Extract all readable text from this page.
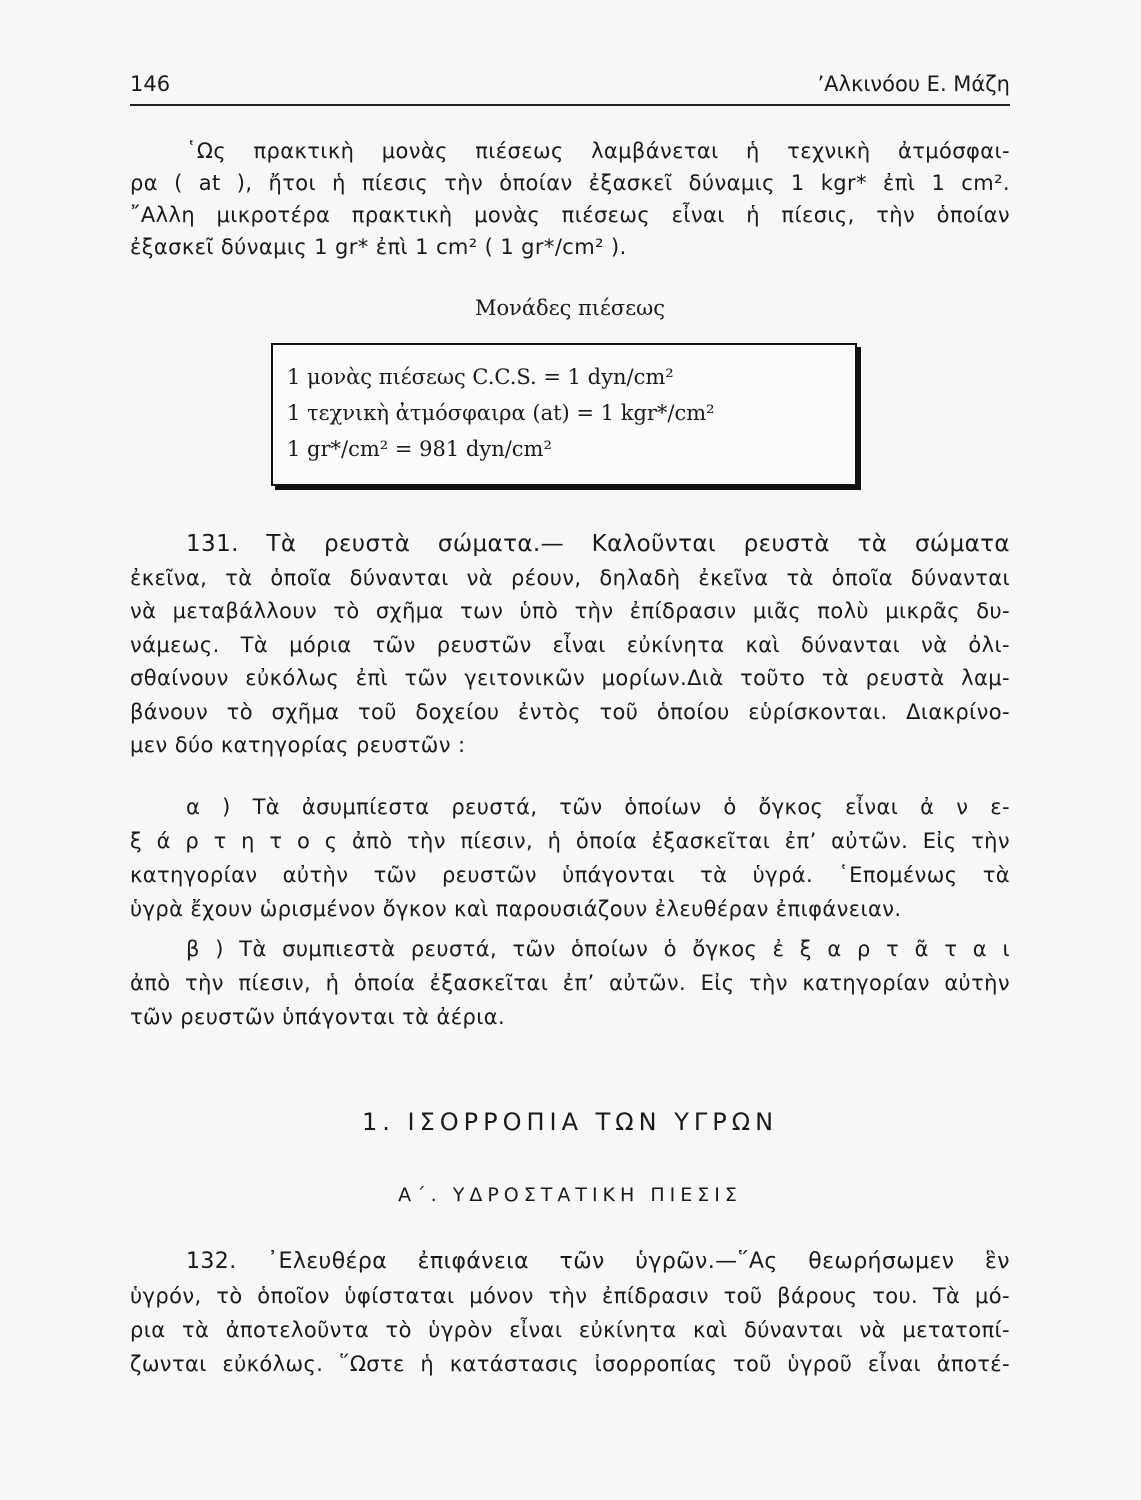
146	’Αλκινόου Ε. Μάζη
῾Ως πρακτικὴ μονὰς πιέσεως λαμβάνεται ἡ τεχνικὴ ἀτμόσφαι-
ρα ( at ), ἤτοι ἡ πίεσις τὴν ὁποίαν ἐξασκεῖ δύναμις 1 kgr* ἐπὶ 1 cm².
῎Αλλη μικροτέρα πρακτικὴ μονὰς πιέσεως εἶναι ἡ πίεσις, τὴν ὁποίαν
ἐξασκεῖ δύναμις 1 gr* ἐπὶ 1 cm² ( 1 gr*/cm² ).
Μονάδες πιέσεως
1 μονὰς πιέσεως C.C.S. = 1 dyn/cm²
1 τεχνικὴ ἀτμόσφαιρα (at) = 1 kgr*/cm²
1 gr*/cm² = 981 dyn/cm²
131. Τὰ ρευστὰ σώματα.— Καλοῦνται ρευστὰ τὰ σώματα
ἐκεῖνα, τὰ ὁποῖα δύνανται νὰ ρέουν, δηλαδὴ ἐκεῖνα τὰ ὁποῖα δύνανται
νὰ μεταβάλλουν τὸ σχῆμα των ὑπὸ τὴν ἐπίδρασιν μιᾶς πολὺ μικρᾶς δυ-
νάμεως. Τὰ μόρια τῶν ρευστῶν εἶναι εὐκίνητα καὶ δύνανται νὰ ὀλι-
σθαίνουν εὐκόλως ἐπὶ τῶν γειτονικῶν μορίων.Διὰ τοῦτο τὰ ρευστὰ λαμ-
βάνουν τὸ σχῆμα τοῦ δοχείου ἐντὸς τοῦ ὁποίου εὑρίσκονται. Διακρίνο-
μεν δύο κατηγορίας ρευστῶν :
α ) Τὰ ἀσυμπίεστα ρευστά, τῶν ὁποίων ὁ ὄγκος εἶναι ἀ ν ε-
ξ ά ρ τ η τ ο ς ἀπὸ τὴν πίεσιν, ἡ ὁποία ἐξασκεῖται ἐπ’ αὐτῶν. Εἰς τὴν
κατηγορίαν αὐτὴν τῶν ρευστῶν ὑπάγονται τὰ ὑγρά. ῾Επομένως τὰ
ὑγρὰ ἔχουν ὡρισμένον ὄγκον καὶ παρουσιάζουν ἐλευθέραν ἐπιφάνειαν.
β ) Τὰ συμπιεστὰ ρευστά, τῶν ὁποίων ὁ ὄγκος ἐ ξ α ρ τ ᾶ τ α ι
ἀπὸ τὴν πίεσιν, ἡ ὁποία ἐξασκεῖται ἐπ’ αὐτῶν. Εἰς τὴν κατηγορίαν αὐτὴν
τῶν ρευστῶν ὑπάγονται τὰ ἀέρια.
1. ΙΣΟΡΡΟΠΙΑ ΤΩΝ ΥΓΡΩΝ
Α΄. ΥΔΡΟΣΤΑΤΙΚΗ ΠΙΕΣΙΣ
132. ᾿Ελευθέρα ἐπιφάνεια τῶν ὑγρῶν.—῞Ας θεωρήσωμεν ἓν
ὑγρόν, τὸ ὁποῖον ὑφίσταται μόνον τὴν ἐπίδρασιν τοῦ βάρους του. Τὰ μό-
ρια τὰ ἀποτελοῦντα τὸ ὑγρὸν εἶναι εὐκίνητα καὶ δύνανται νὰ μετατοπί-
ζωνται εὐκόλως. ῞Ωστε ἡ κατάστασις ἰσορροπίας τοῦ ὑγροῦ εἶναι ἀποτέ-
